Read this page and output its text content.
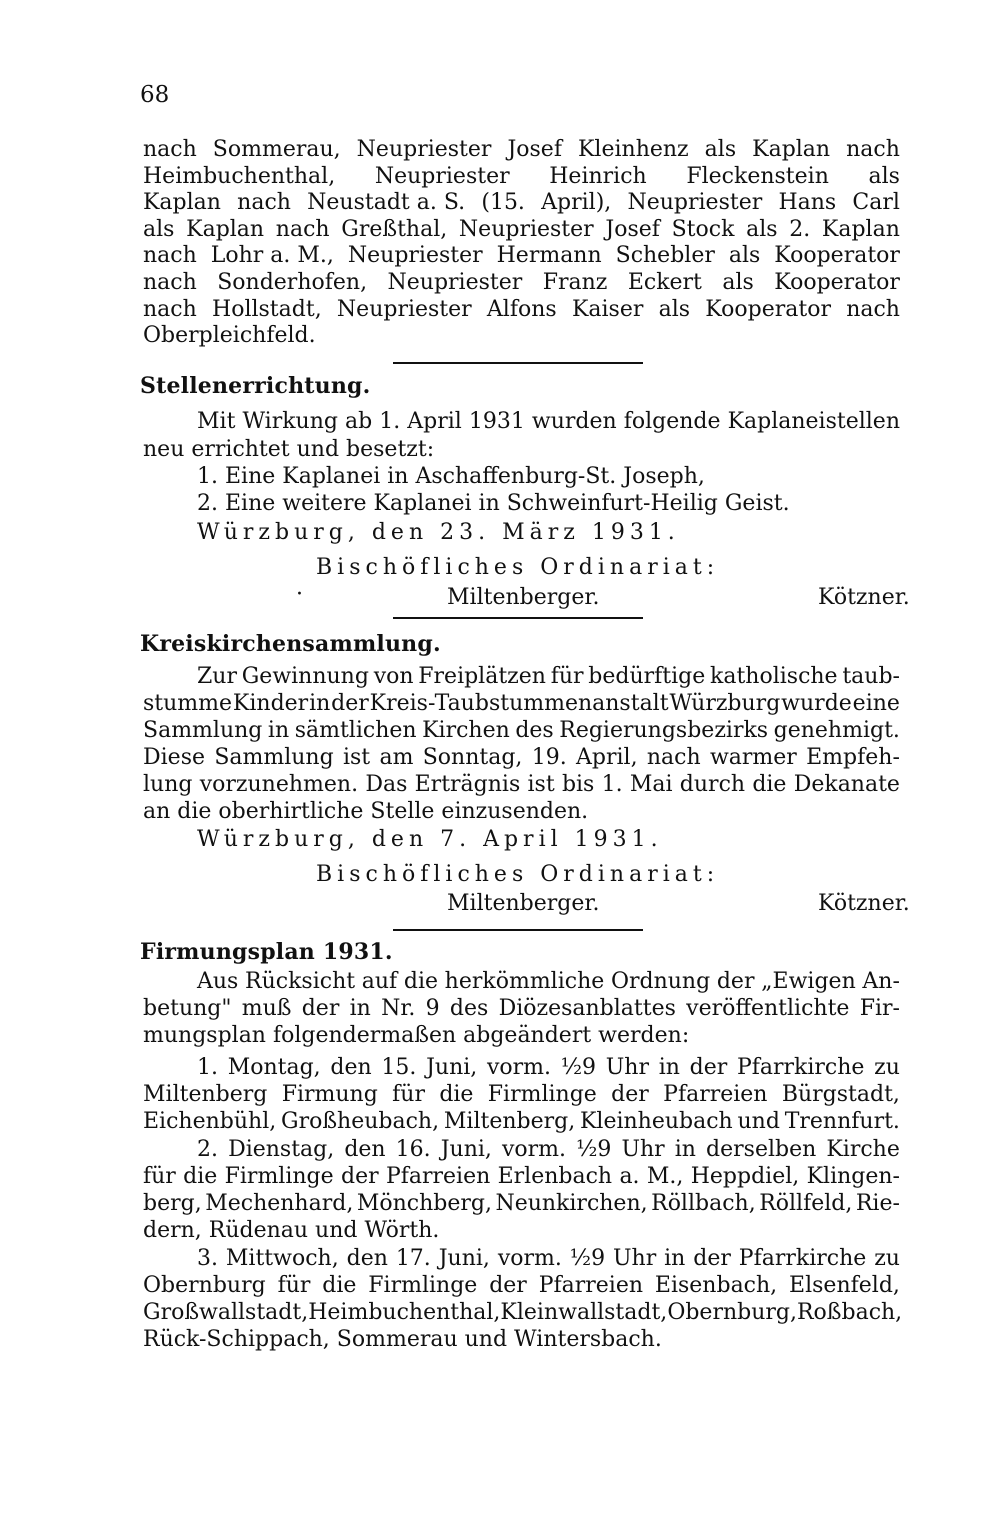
68
nach Sommerau, Neupriester Josef Kleinhenz als Kaplan nach
Heimbuchenthal, Neupriester Heinrich Fleckenstein als
Kaplan nach Neustadt a. S. (15. April), Neupriester Hans Carl
als Kaplan nach Greßthal, Neupriester Josef Stock als 2. Kaplan
nach Lohr a. M., Neupriester Hermann Schebler als Kooperator
nach Sonderhofen, Neupriester Franz Eckert als Kooperator
nach Hollstadt, Neupriester Alfons Kaiser als Kooperator nach
Oberpleichfeld.
Stellenerrichtung.
Mit Wirkung ab 1. April 1931 wurden folgende Kaplaneistellen
neu errichtet und besetzt:
1. Eine Kaplanei in Aschaffenburg-St. Joseph,
2. Eine weitere Kaplanei in Schweinfurt-Heilig Geist.
Würzburg, den 23. März 1931.
Bischöfliches Ordinariat:
·	Miltenberger.	Kötzner.
Kreiskirchensammlung.
Zur Gewinnung von Freiplätzen für bedürftige katholische taub-
stumme Kinder in der Kreis-Taubstummenanstalt Würzburg wurde eine
Sammlung in sämtlichen Kirchen des Regierungsbezirks genehmigt.
Diese Sammlung ist am Sonntag, 19. April, nach warmer Empfeh-
lung vorzunehmen. Das Erträgnis ist bis 1. Mai durch die Dekanate
an die oberhirtliche Stelle einzusenden.
Würzburg, den 7. April 1931.
Bischöfliches Ordinariat:
Miltenberger.	Kötzner.
Firmungsplan 1931.
Aus Rücksicht auf die herkömmliche Ordnung der „Ewigen An-
betung" muß der in Nr. 9 des Diözesanblattes veröffentlichte Fir-
1. Montag, den 15. Juni, vorm. ½9 Uhr in der Pfarrkirche zu
Miltenberg Firmung für die Firmlinge der Pfarreien Bürgstadt,
Eichenbühl, Großheubach, Miltenberg, Kleinheubach und Trennfurt.
2. Dienstag, den 16. Juni, vorm. ½9 Uhr in derselben Kirche
für die Firmlinge der Pfarreien Erlenbach a. M., Heppdiel, Klingen-
berg, Mechenhard, Mönchberg, Neunkirchen, Röllbach, Röllfeld, Rie-
3. Mittwoch, den 17. Juni, vorm. ½9 Uhr in der Pfarrkirche zu
Obernburg für die Firmlinge der Pfarreien Eisenbach, Elsenfeld,
Großwallstadt, Heimbuchenthal, Kleinwallstadt, Obernburg, Roßbach,
mungsplan folgendermaßen abgeändert werden:
dern, Rüdenau und Wörth.
Rück-Schippach, Sommerau und Wintersbach.
